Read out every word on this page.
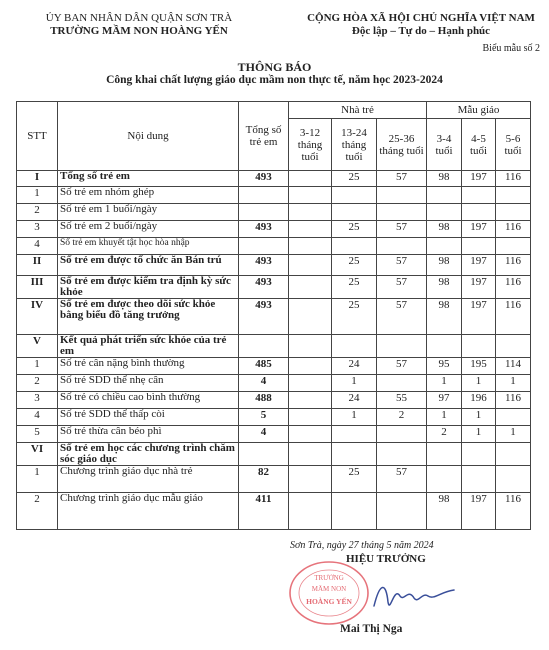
ỦY BAN NHÂN DÂN QUẬN SƠN TRÀ
TRƯỜNG MẦM NON HOÀNG YẾN
CỘNG HÒA XÃ HỘI CHỦ NGHĨA VIỆT NAM
Độc lập – Tự do – Hạnh phúc
Biểu mẫu số 2
THÔNG BÁO
Công khai chất lượng giáo dục mầm non thực tế, năm học 2023-2024
STT	Nội dung	Tổng số trẻ em	Nhà trẻ			Mẫu giáo		
			3-12 tháng tuổi	13-24 tháng tuổi	25-36 tháng tuổi	3-4 tuổi	4-5 tuổi	5-6 tuổi
I	Tổng số trẻ em	493		25	57	98	197	116
1	Số trẻ em nhóm ghép							
2	Số trẻ em 1 buổi/ngày							
3	Số trẻ em 2 buổi/ngày	493		25	57	98	197	116
4	Số trẻ em khuyết tật học hòa nhập							
II	Số trẻ em được tổ chức ăn Bán trú	493		25	57	98	197	116
III	Số trẻ em được kiểm tra định kỳ sức khỏe	493		25	57	98	197	116
IV	Số trẻ em được theo dõi sức khỏe bằng biểu đồ tăng trưởng	493		25	57	98	197	116
V	Kết quả phát triển sức khỏe của trẻ em							
1	Số trẻ cân nặng bình thường	485		24	57	95	195	114
2	Số trẻ SDD thể nhẹ cân	4		1		1	1	1
3	Số trẻ có chiều cao bình thường	488		24	55	97	196	116
4	Số trẻ SDD thể thấp còi	5		1	2	1	1	
5	Số trẻ thừa cân béo phì	4				2	1	1
VI	Số trẻ em học các chương trình chăm sóc giáo dục							
1	Chương trình giáo dục nhà trẻ	82		25	57			
2	Chương trình giáo dục mẫu giáo	411				98	197	116
Sơn Trà, ngày 27 tháng 5 năm 2024
HIỆU TRƯỞNG
TRƯỜNG
MẦM NON
HOÀNG YẾN
Mai Thị Nga
